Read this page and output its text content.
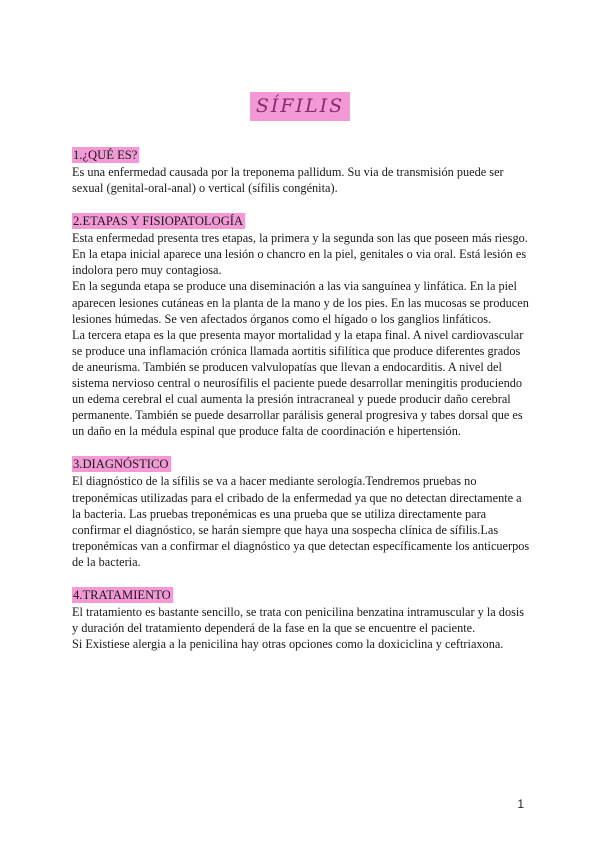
SÍFILIS
1.¿QUÉ ES?

Es una enfermedad causada por la treponema pallidum. Su via de transmisión puede ser sexual (genital-oral-anal) o vertical (sífilis congénita).

2.ETAPAS Y FISIOPATOLOGÍA

Esta enfermedad presenta tres etapas, la primera y la segunda son las que poseen más riesgo.

En la etapa inicial aparece una lesión o chancro en la piel, genitales o via oral. Está lesión es indolora pero muy contagiosa.

En la segunda etapa se produce una diseminación a las via sanguínea y linfática. En la piel aparecen lesiones cutáneas en la planta de la mano y de los pies. En las mucosas se producen lesiones húmedas. Se ven afectados órganos como el hígado o los ganglios linfáticos.

La tercera etapa es la que presenta mayor mortalidad y la etapa final. A nivel cardiovascular se produce una inflamación crónica llamada aortitis sifilítica que produce diferentes grados de aneurisma. También se producen valvulopatías que llevan a endocarditis. A nivel del sistema nervioso central o neurosífilis el paciente puede desarrollar meningitis produciendo un edema cerebral el cual aumenta la presión intracraneal y puede producir daño cerebral permanente. También se puede desarrollar parálisis general progresiva y tabes dorsal que es un daño en la médula espinal que produce falta de coordinación e hipertensión.

3.DIAGNÓSTICO

El diagnóstico de la sífilis se va a hacer mediante serología.Tendremos pruebas no treponémicas utilizadas para el cribado de la enfermedad ya que no detectan directamente a la bacteria. Las pruebas treponémicas es una prueba que se utiliza directamente para confirmar el diagnóstico, se harán siempre que haya una sospecha clínica de sífilis.Las treponémicas van a confirmar el diagnóstico ya que detectan específicamente los anticuerpos de la bacteria.

4.TRATAMIENTO

El tratamiento es bastante sencillo, se trata con penicilina benzatina intramuscular y la dosis y duración del tratamiento dependerá de la fase en la que se encuentre el paciente.

Si Existiese alergia a la penicilina hay otras opciones como la doxiciclina y ceftriaxona.

1
